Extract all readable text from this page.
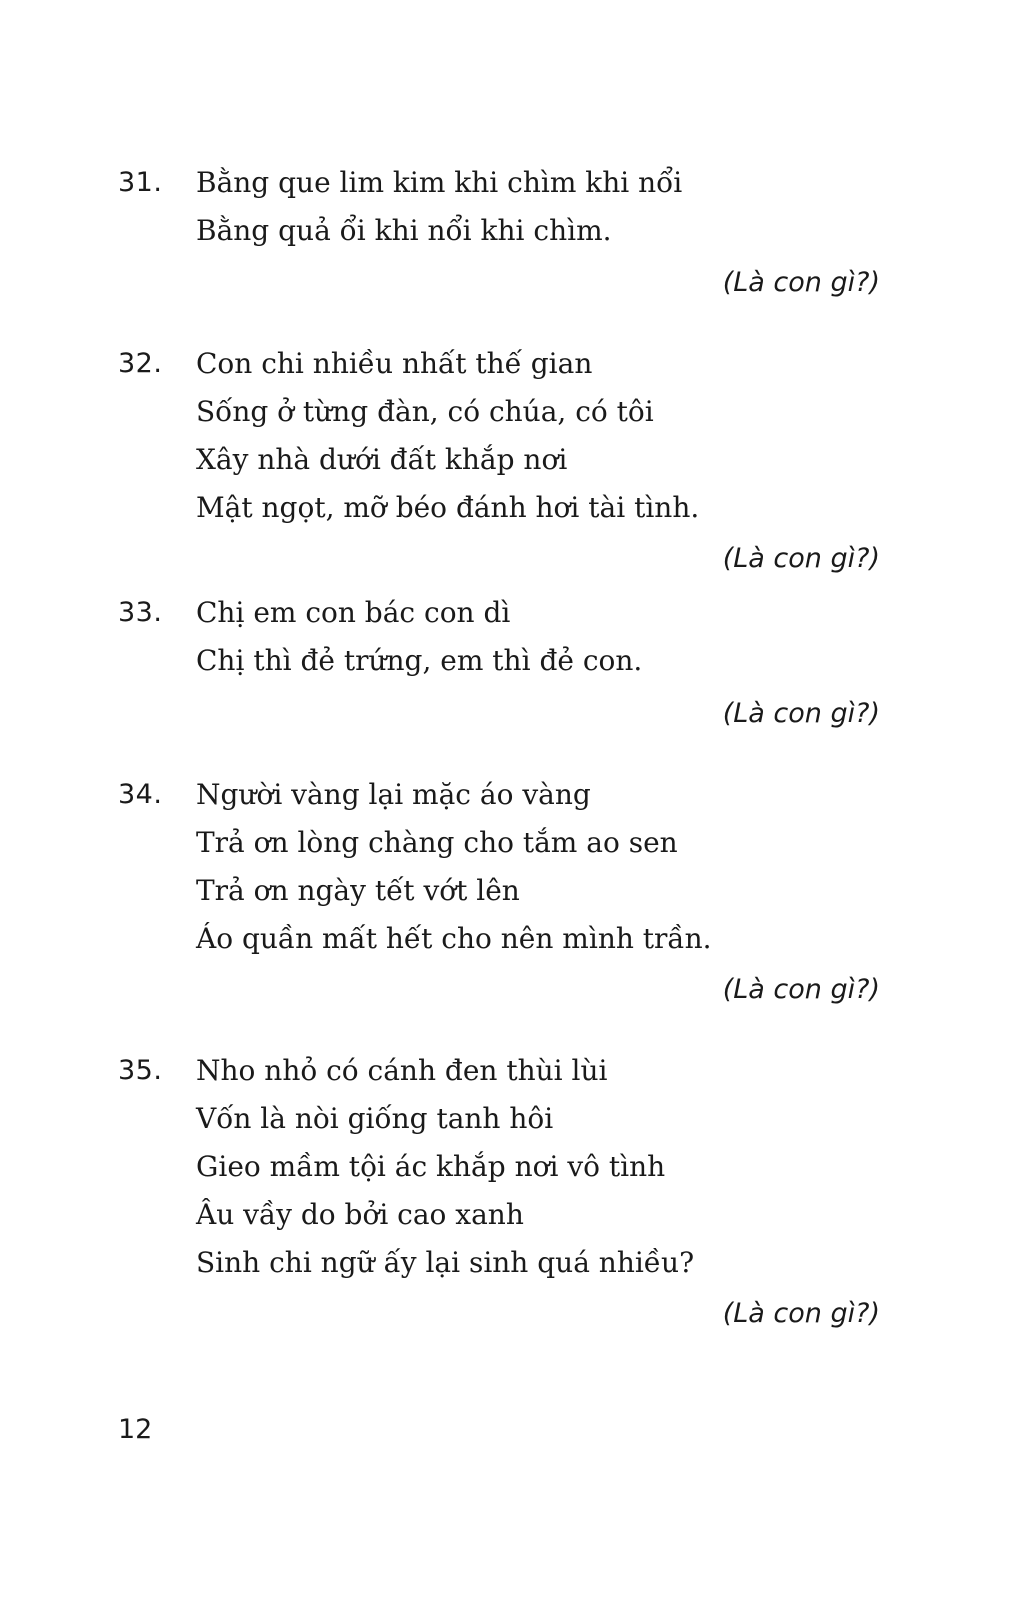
31. Bằng que lim kim khi chìm khi nổi
Bằng quả ổi khi nổi khi chìm.
(Là con gì?)
32. Con chi nhiều nhất thế gian
Sống ở từng đàn, có chúa, có tôi
Xây nhà dưới đất khắp nơi
Mật ngọt, mỡ béo đánh hơi tài tình.
(Là con gì?)
33. Chị em con bác con dì
Chị thì đẻ trứng, em thì đẻ con.
(Là con gì?)
34. Người vàng lại mặc áo vàng
Trả ơn lòng chàng cho tắm ao sen
Trả ơn ngày tết vớt lên
Áo quần mất hết cho nên mình trần.
(Là con gì?)
35. Nho nhỏ có cánh đen thùi lùi
Vốn là nòi giống tanh hôi
Gieo mầm tội ác khắp nơi vô tình
Âu vầy do bởi cao xanh
Sinh chi ngữ ấy lại sinh quá nhiều?
(Là con gì?)
12
